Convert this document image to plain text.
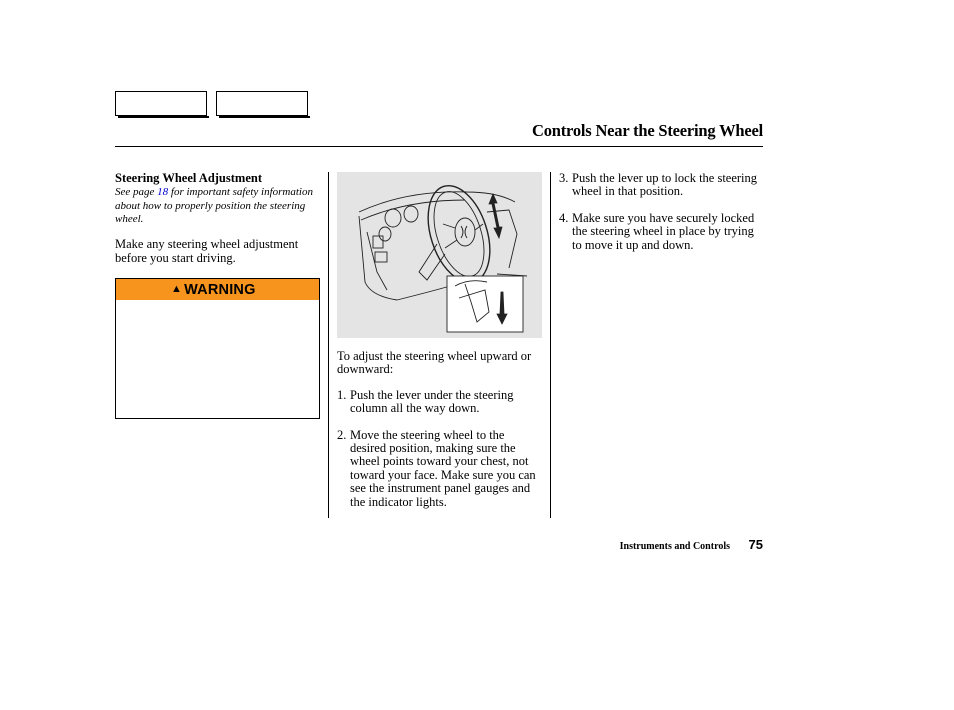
Controls Near the Steering Wheel
Steering Wheel Adjustment
See page 18 for important safety information about how to properly position the steering wheel.
Make any steering wheel adjustment before you start driving.
▲ WARNING
To adjust the steering wheel upward or downward:
1. Push the lever under the steering column all the way down.
2. Move the steering wheel to the desired position, making sure the wheel points toward your chest, not toward your face. Make sure you can see the instrument panel gauges and the indicator lights.
3. Push the lever up to lock the steering wheel in that position.
4. Make sure you have securely locked the steering wheel in place by trying to move it up and down.
Instruments and Controls 75
